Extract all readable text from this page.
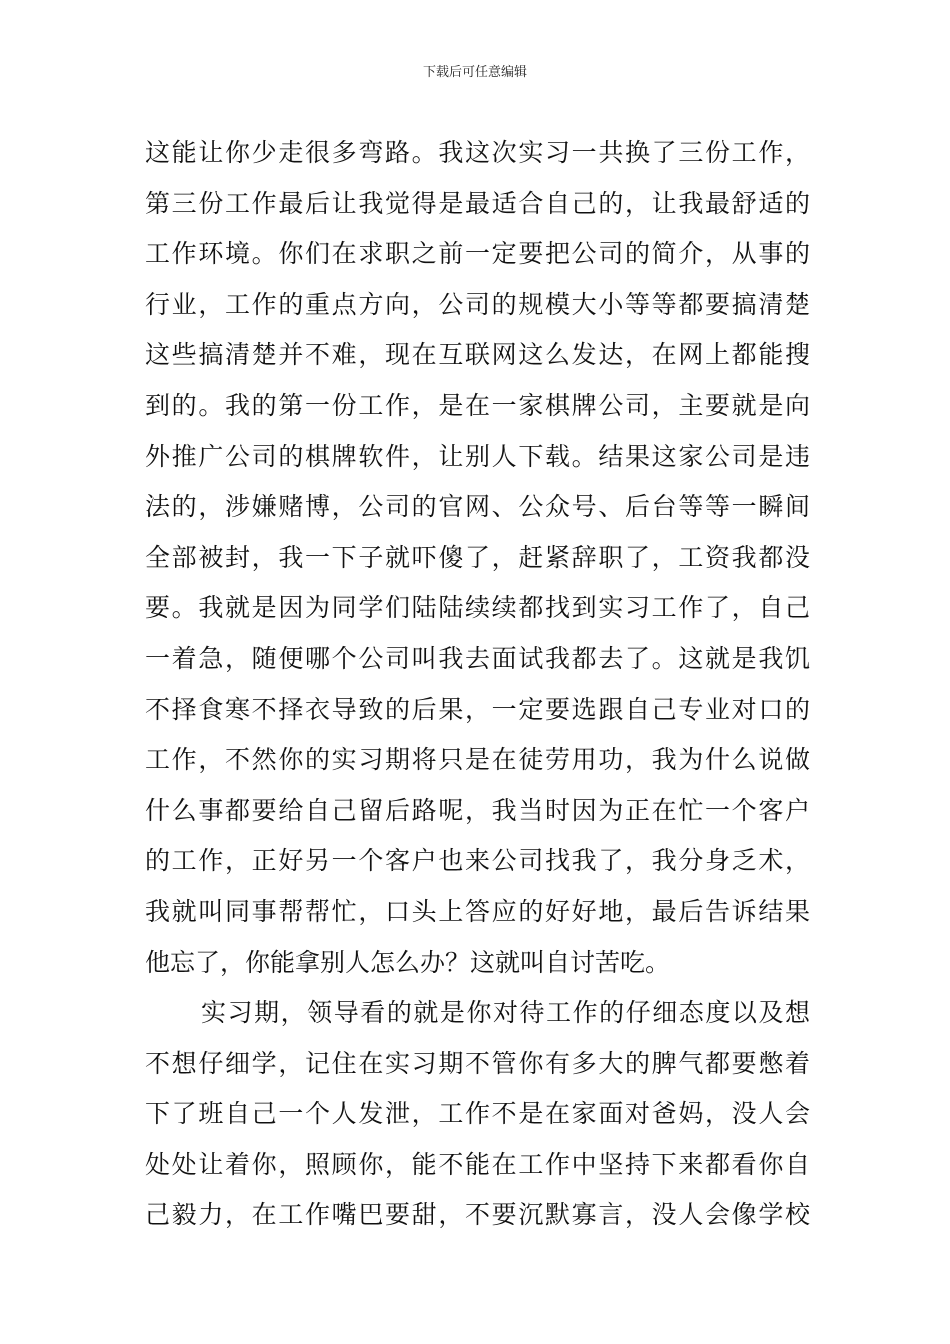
下载后可任意编辑
这能让你少走很多弯路。我这次实习一共换了三份工作，
第三份工作最后让我觉得是最适合自己的，让我最舒适的
工作环境。你们在求职之前一定要把公司的简介，从事的
行业，工作的重点方向，公司的规模大小等等都要搞清楚
这些搞清楚并不难，现在互联网这么发达，在网上都能搜
到的。我的第一份工作，是在一家棋牌公司，主要就是向
外推广公司的棋牌软件，让别人下载。结果这家公司是违
法的，涉嫌赌博，公司的官网、公众号、后台等等一瞬间
全部被封，我一下子就吓傻了，赶紧辞职了，工资我都没
要。我就是因为同学们陆陆续续都找到实习工作了，自己
一着急，随便哪个公司叫我去面试我都去了。这就是我饥
不择食寒不择衣导致的后果，一定要选跟自己专业对口的
工作，不然你的实习期将只是在徒劳用功，我为什么说做
什么事都要给自己留后路呢，我当时因为正在忙一个客户
的工作，正好另一个客户也来公司找我了，我分身乏术，
我就叫同事帮帮忙，口头上答应的好好地，最后告诉结果
他忘了，你能拿别人怎么办？这就叫自讨苦吃。
实习期，领导看的就是你对待工作的仔细态度以及想
不想仔细学，记住在实习期不管你有多大的脾气都要憋着
下了班自己一个人发泄，工作不是在家面对爸妈，没人会
处处让着你，照顾你，能不能在工作中坚持下来都看你自
己毅力，在工作嘴巴要甜，不要沉默寡言，没人会像学校
